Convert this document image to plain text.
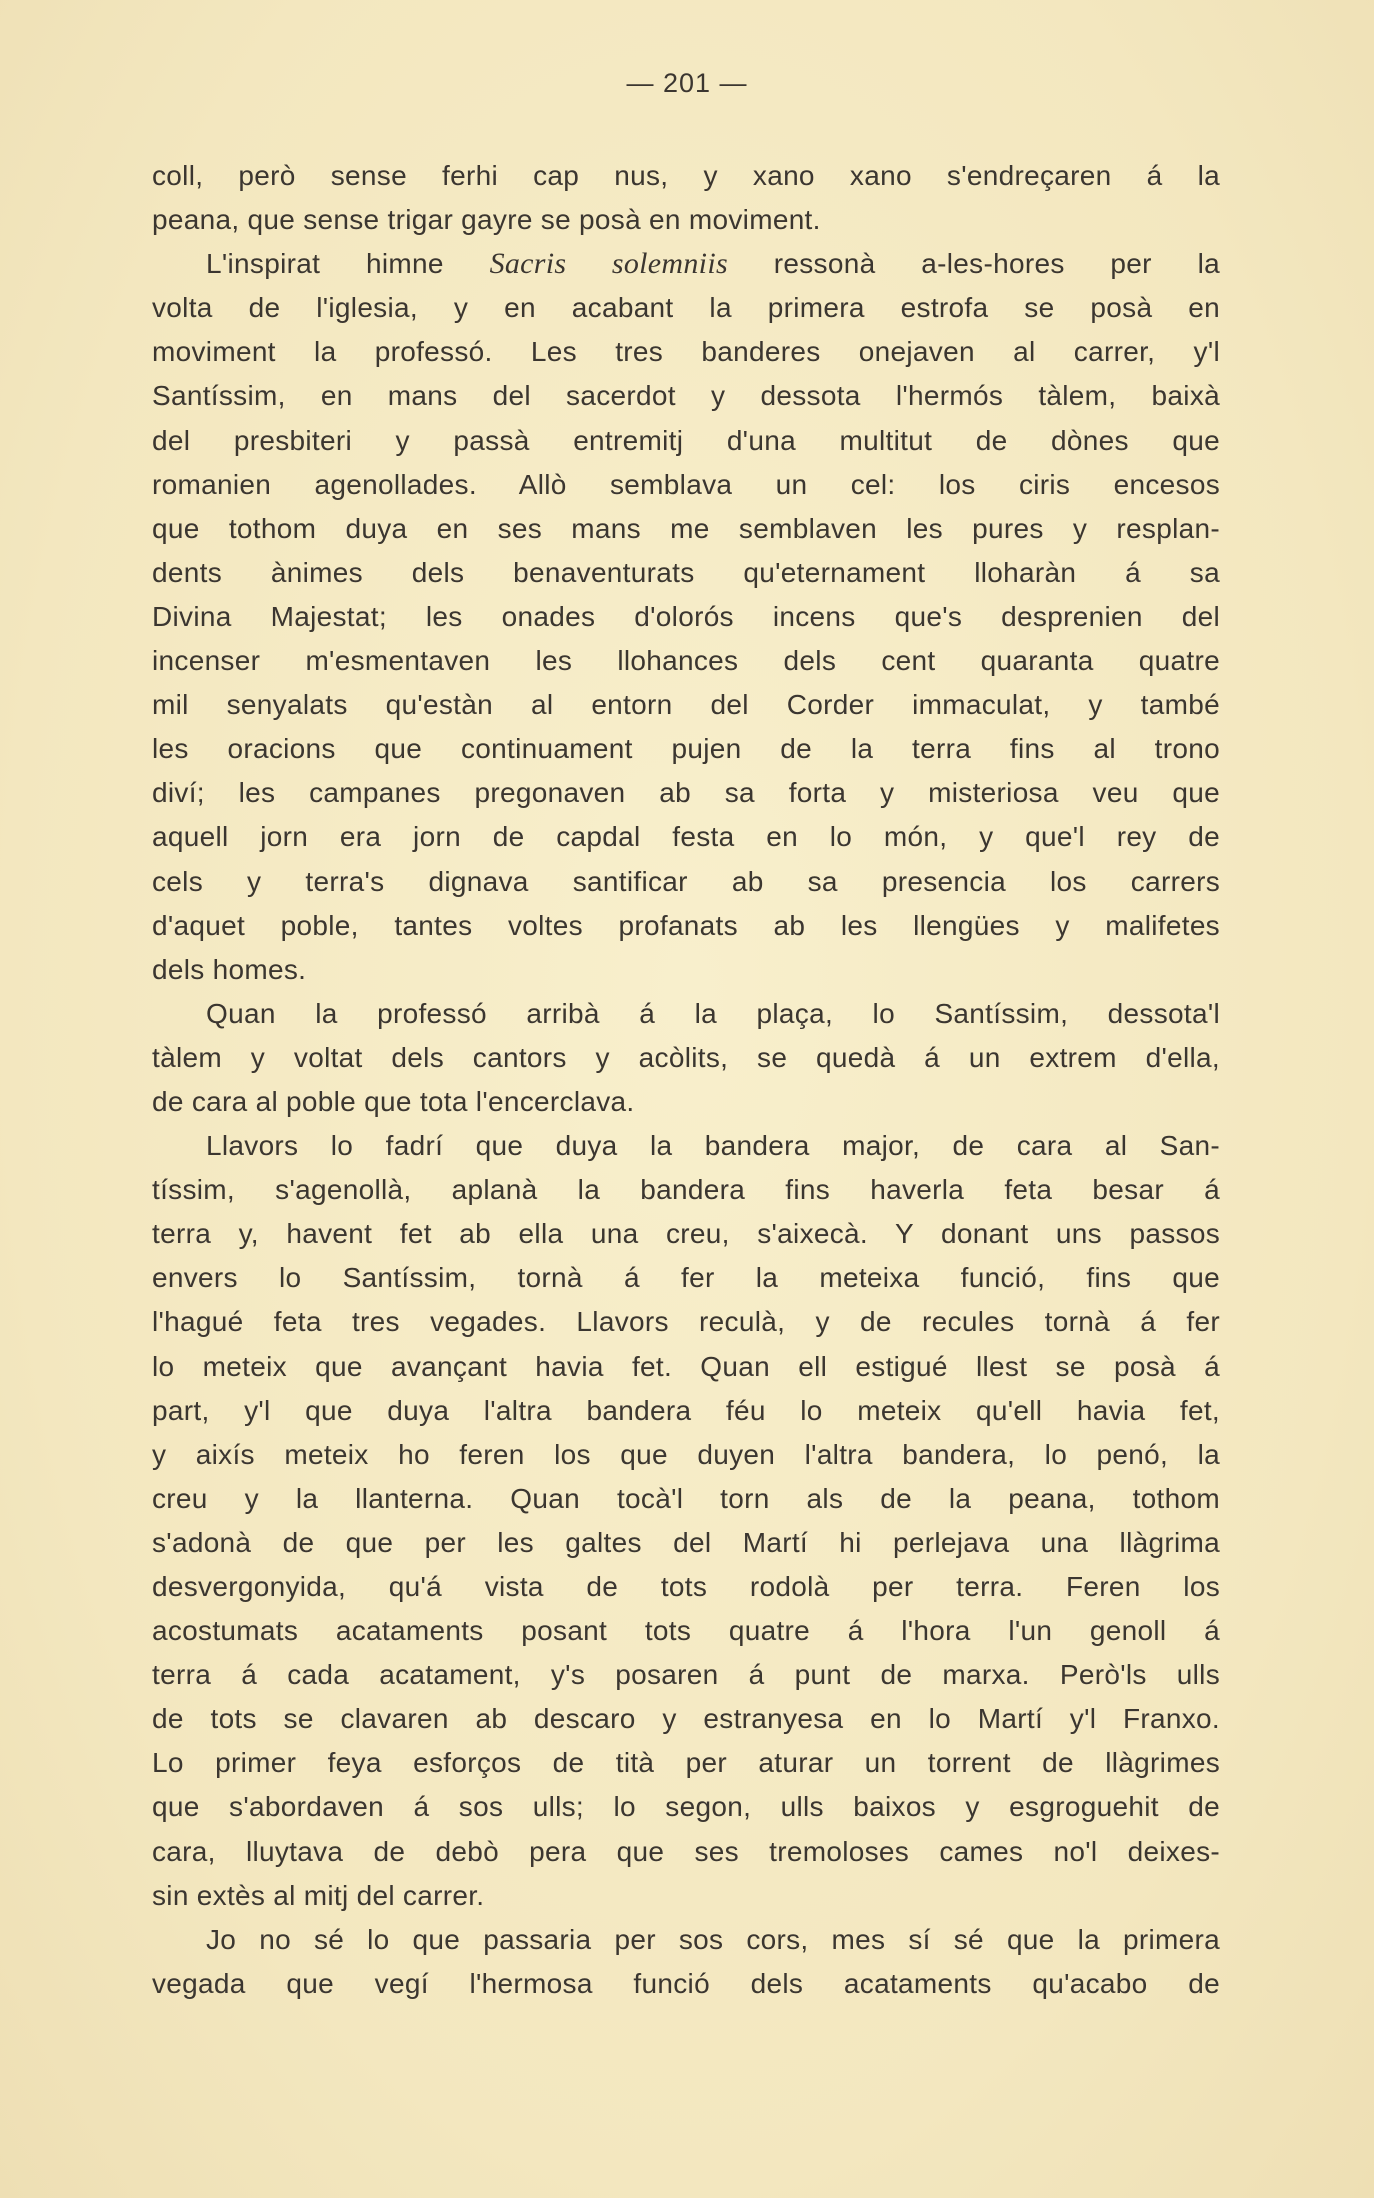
— 201 —
coll, però sense ferhi cap nus, y xano xano s'endreçaren á la
peana, que sense trigar gayre se posà en moviment.
L'inspirat himne Sacris solemniis ressonà a-les-hores per la
volta de l'iglesia, y en acabant la primera estrofa se posà en
moviment la professó. Les tres banderes onejaven al carrer, y'l
Santíssim, en mans del sacerdot y dessota l'hermós tàlem, baixà
del presbiteri y passà entremitj d'una multitut de dònes que
romanien agenollades. Allò semblava un cel: los ciris encesos
que tothom duya en ses mans me semblaven les pures y resplan-
dents ànimes dels benaventurats qu'eternament lloharàn á sa
Divina Majestat; les onades d'olorós incens que's desprenien del
incenser m'esmentaven les llohances dels cent quaranta quatre
mil senyalats qu'estàn al entorn del Corder immaculat, y també
les oracions que continuament pujen de la terra fins al trono
diví; les campanes pregonaven ab sa forta y misteriosa veu que
aquell jorn era jorn de capdal festa en lo món, y que'l rey de
cels y terra's dignava santificar ab sa presencia los carrers
d'aquet poble, tantes voltes profanats ab les llengües y malifetes
dels homes.
Quan la professó arribà á la plaça, lo Santíssim, dessota'l
tàlem y voltat dels cantors y acòlits, se quedà á un extrem d'ella,
de cara al poble que tota l'encerclava.
Llavors lo fadrí que duya la bandera major, de cara al San-
tíssim, s'agenollà, aplanà la bandera fins haverla feta besar á
terra y, havent fet ab ella una creu, s'aixecà. Y donant uns passos
envers lo Santíssim, tornà á fer la meteixa funció, fins que
l'hagué feta tres vegades. Llavors reculà, y de recules tornà á fer
lo meteix que avançant havia fet. Quan ell estigué llest se posà á
part, y'l que duya l'altra bandera féu lo meteix qu'ell havia fet,
y aixís meteix ho feren los que duyen l'altra bandera, lo penó, la
creu y la llanterna. Quan tocà'l torn als de la peana, tothom
s'adonà de que per les galtes del Martí hi perlejava una llàgrima
desvergonyida, qu'á vista de tots rodolà per terra. Feren los
acostumats acataments posant tots quatre á l'hora l'un genoll á
terra á cada acatament, y's posaren á punt de marxa. Però'ls ulls
de tots se clavaren ab descaro y estranyesa en lo Martí y'l Franxo.
Lo primer feya esforços de tità per aturar un torrent de llàgrimes
que s'abordaven á sos ulls; lo segon, ulls baixos y esgroguehit de
cara, lluytava de debò pera que ses tremoloses cames no'l deixes-
sin extès al mitj del carrer.
Jo no sé lo que passaria per sos cors, mes sí sé que la primera
vegada que vegí l'hermosa funció dels acataments qu'acabo de
